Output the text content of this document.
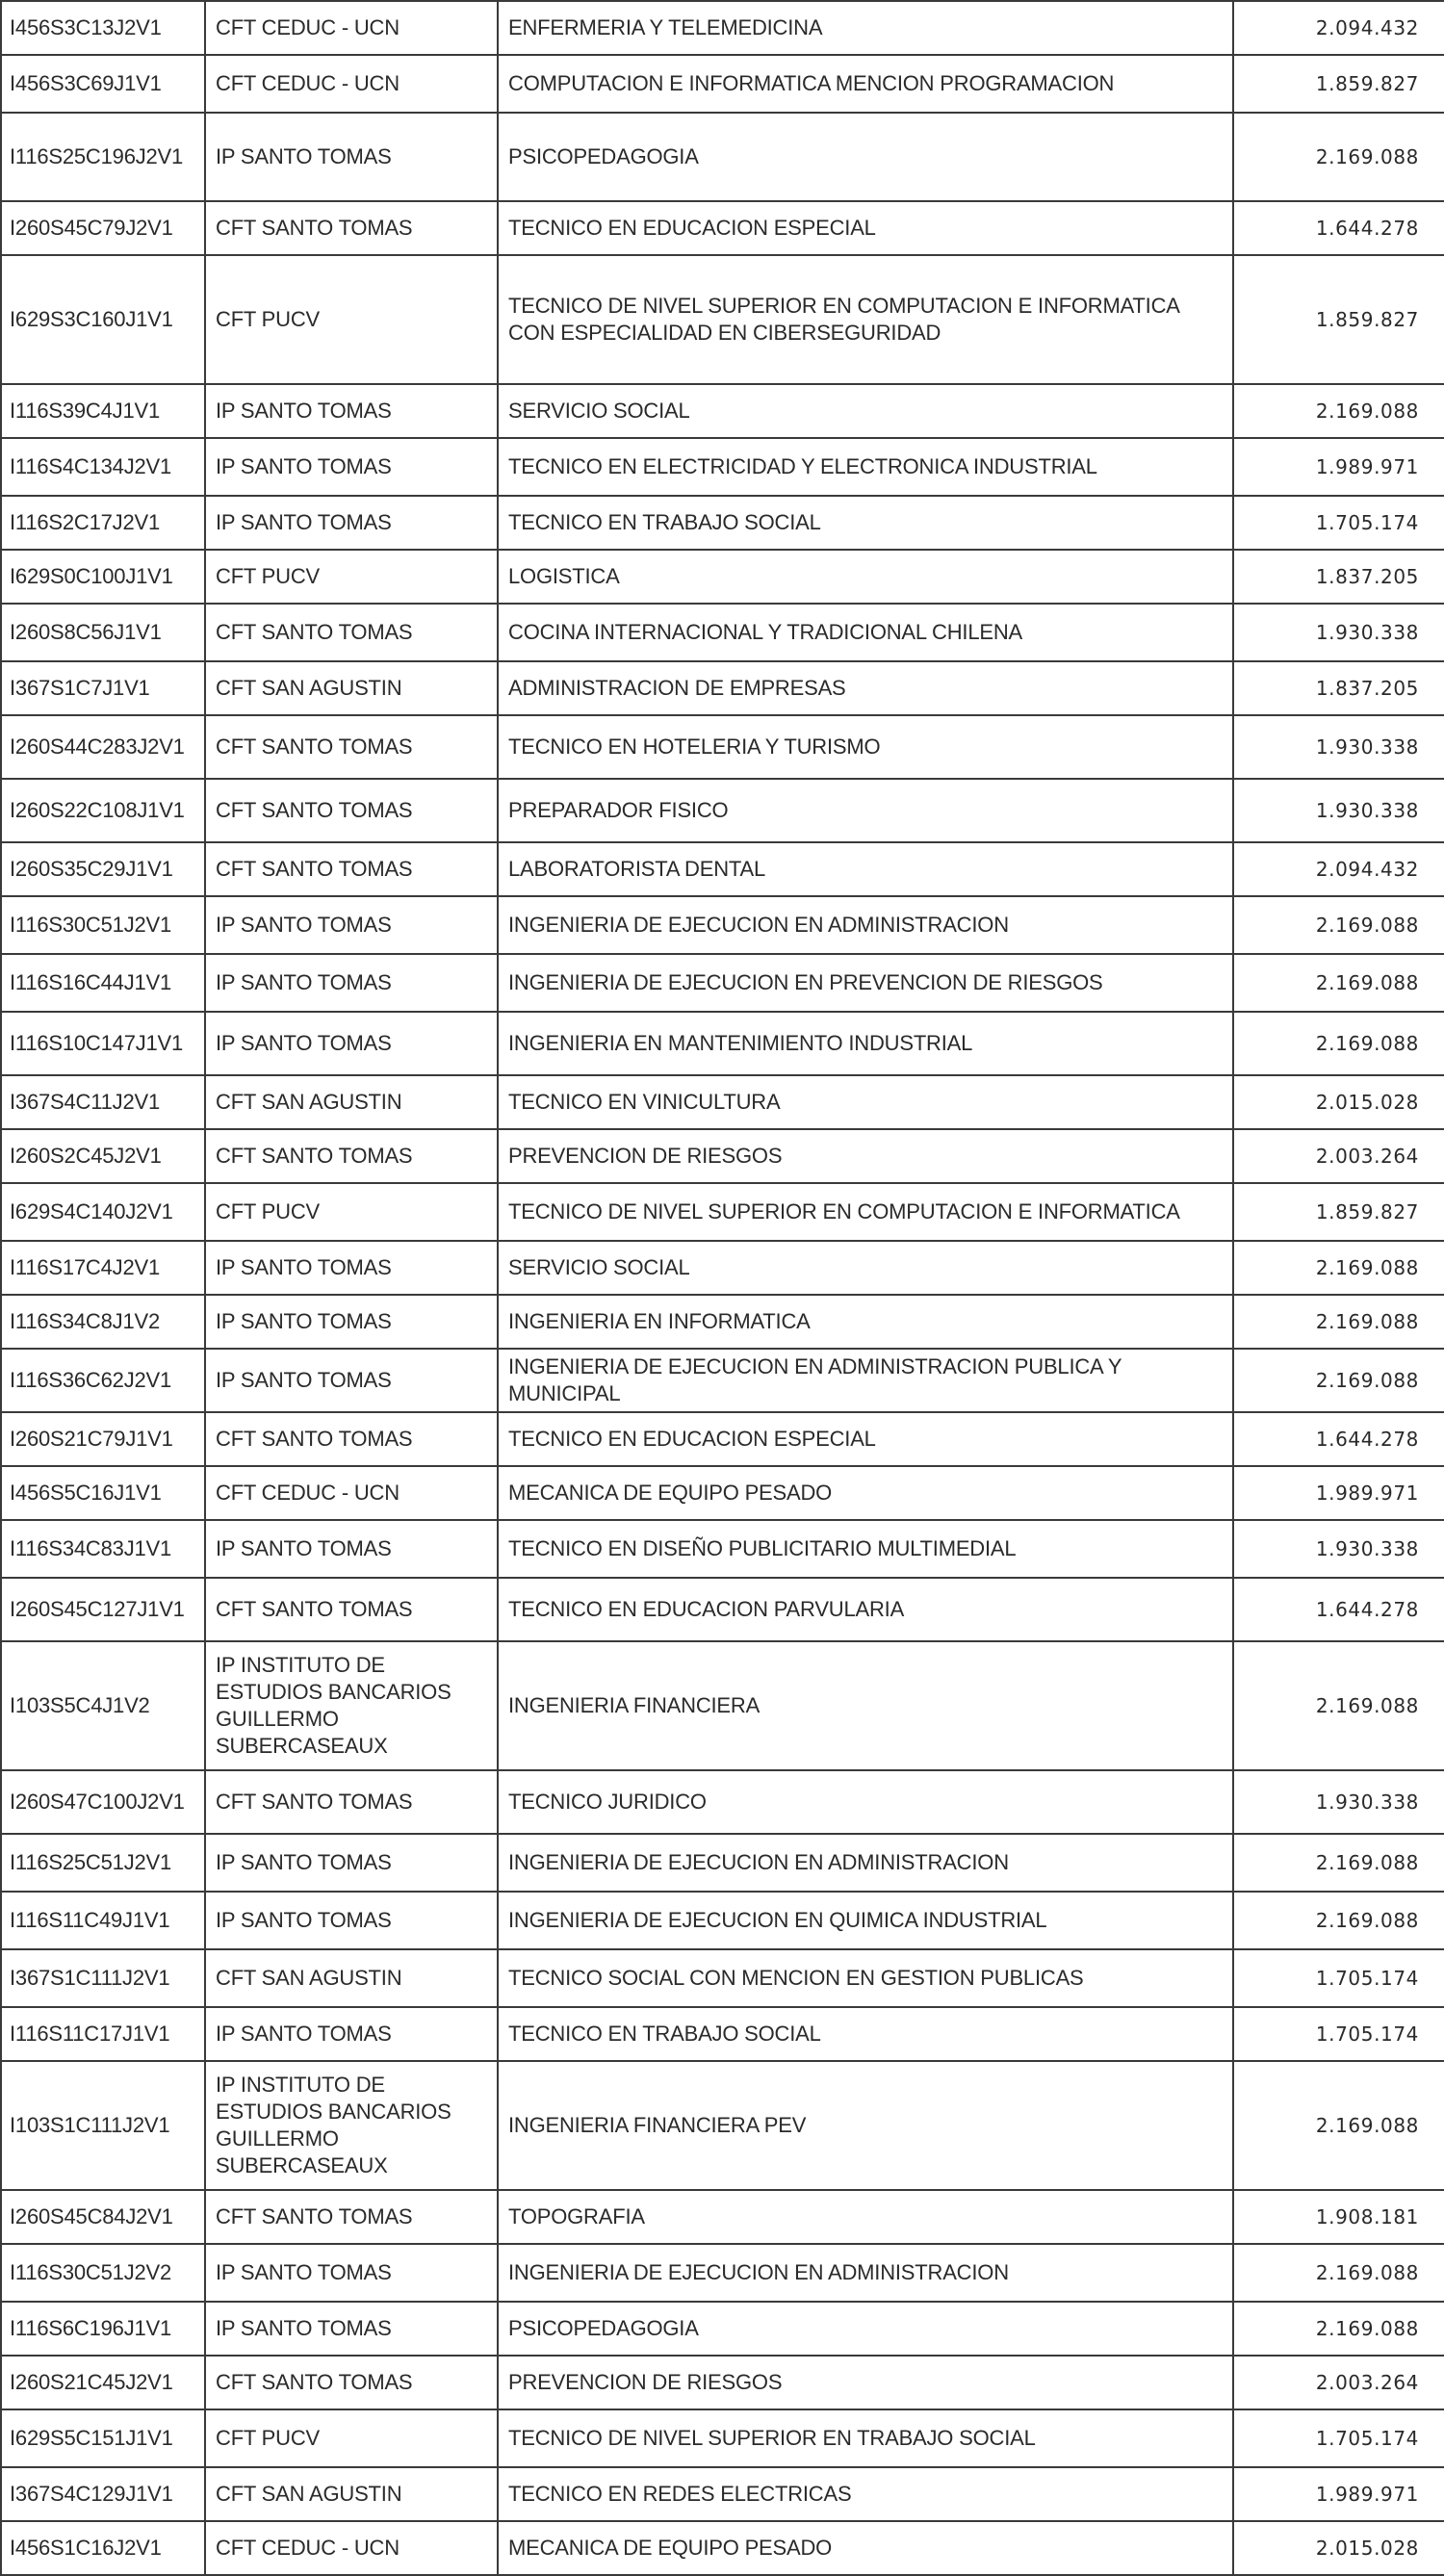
I456S3C13J2V1	CFT CEDUC - UCN	ENFERMERIA Y TELEMEDICINA	2.094.432
I456S3C69J1V1	CFT CEDUC - UCN	COMPUTACION E INFORMATICA MENCION PROGRAMACION	1.859.827
I116S25C196J2V1	IP SANTO TOMAS	PSICOPEDAGOGIA	2.169.088
I260S45C79J2V1	CFT SANTO TOMAS	TECNICO EN EDUCACION ESPECIAL	1.644.278
I629S3C160J1V1	CFT PUCV	TECNICO DE NIVEL SUPERIOR EN COMPUTACION E INFORMATICA CON ESPECIALIDAD EN CIBERSEGURIDAD	1.859.827
I116S39C4J1V1	IP SANTO TOMAS	SERVICIO SOCIAL	2.169.088
I116S4C134J2V1	IP SANTO TOMAS	TECNICO EN ELECTRICIDAD Y ELECTRONICA INDUSTRIAL	1.989.971
I116S2C17J2V1	IP SANTO TOMAS	TECNICO EN TRABAJO SOCIAL	1.705.174
I629S0C100J1V1	CFT PUCV	LOGISTICA	1.837.205
I260S8C56J1V1	CFT SANTO TOMAS	COCINA INTERNACIONAL Y TRADICIONAL CHILENA	1.930.338
I367S1C7J1V1	CFT SAN AGUSTIN	ADMINISTRACION DE EMPRESAS	1.837.205
I260S44C283J2V1	CFT SANTO TOMAS	TECNICO EN HOTELERIA Y TURISMO	1.930.338
I260S22C108J1V1	CFT SANTO TOMAS	PREPARADOR FISICO	1.930.338
I260S35C29J1V1	CFT SANTO TOMAS	LABORATORISTA DENTAL	2.094.432
I116S30C51J2V1	IP SANTO TOMAS	INGENIERIA DE EJECUCION EN ADMINISTRACION	2.169.088
I116S16C44J1V1	IP SANTO TOMAS	INGENIERIA DE EJECUCION EN PREVENCION DE RIESGOS	2.169.088
I116S10C147J1V1	IP SANTO TOMAS	INGENIERIA EN MANTENIMIENTO INDUSTRIAL	2.169.088
I367S4C11J2V1	CFT SAN AGUSTIN	TECNICO EN VINICULTURA	2.015.028
I260S2C45J2V1	CFT SANTO TOMAS	PREVENCION DE RIESGOS	2.003.264
I629S4C140J2V1	CFT PUCV	TECNICO DE NIVEL SUPERIOR EN COMPUTACION E INFORMATICA	1.859.827
I116S17C4J2V1	IP SANTO TOMAS	SERVICIO SOCIAL	2.169.088
I116S34C8J1V2	IP SANTO TOMAS	INGENIERIA EN INFORMATICA	2.169.088
I116S36C62J2V1	IP SANTO TOMAS	INGENIERIA DE EJECUCION EN ADMINISTRACION PUBLICA Y MUNICIPAL	2.169.088
I260S21C79J1V1	CFT SANTO TOMAS	TECNICO EN EDUCACION ESPECIAL	1.644.278
I456S5C16J1V1	CFT CEDUC - UCN	MECANICA DE EQUIPO PESADO	1.989.971
I116S34C83J1V1	IP SANTO TOMAS	TECNICO EN DISEÑO PUBLICITARIO MULTIMEDIAL	1.930.338
I260S45C127J1V1	CFT SANTO TOMAS	TECNICO EN EDUCACION PARVULARIA	1.644.278
I103S5C4J1V2	IP INSTITUTO DE ESTUDIOS BANCARIOS GUILLERMO SUBERCASEAUX	INGENIERIA FINANCIERA	2.169.088
I260S47C100J2V1	CFT SANTO TOMAS	TECNICO JURIDICO	1.930.338
I116S25C51J2V1	IP SANTO TOMAS	INGENIERIA DE EJECUCION EN ADMINISTRACION	2.169.088
I116S11C49J1V1	IP SANTO TOMAS	INGENIERIA DE EJECUCION EN QUIMICA INDUSTRIAL	2.169.088
I367S1C111J2V1	CFT SAN AGUSTIN	TECNICO SOCIAL CON MENCION EN GESTION PUBLICAS	1.705.174
I116S11C17J1V1	IP SANTO TOMAS	TECNICO EN TRABAJO SOCIAL	1.705.174
I103S1C111J2V1	IP INSTITUTO DE ESTUDIOS BANCARIOS GUILLERMO SUBERCASEAUX	INGENIERIA FINANCIERA PEV	2.169.088
I260S45C84J2V1	CFT SANTO TOMAS	TOPOGRAFIA	1.908.181
I116S30C51J2V2	IP SANTO TOMAS	INGENIERIA DE EJECUCION EN ADMINISTRACION	2.169.088
I116S6C196J1V1	IP SANTO TOMAS	PSICOPEDAGOGIA	2.169.088
I260S21C45J2V1	CFT SANTO TOMAS	PREVENCION DE RIESGOS	2.003.264
I629S5C151J1V1	CFT PUCV	TECNICO DE NIVEL SUPERIOR EN TRABAJO SOCIAL	1.705.174
I367S4C129J1V1	CFT SAN AGUSTIN	TECNICO EN REDES ELECTRICAS	1.989.971
I456S1C16J2V1	CFT CEDUC - UCN	MECANICA DE EQUIPO PESADO	2.015.028
